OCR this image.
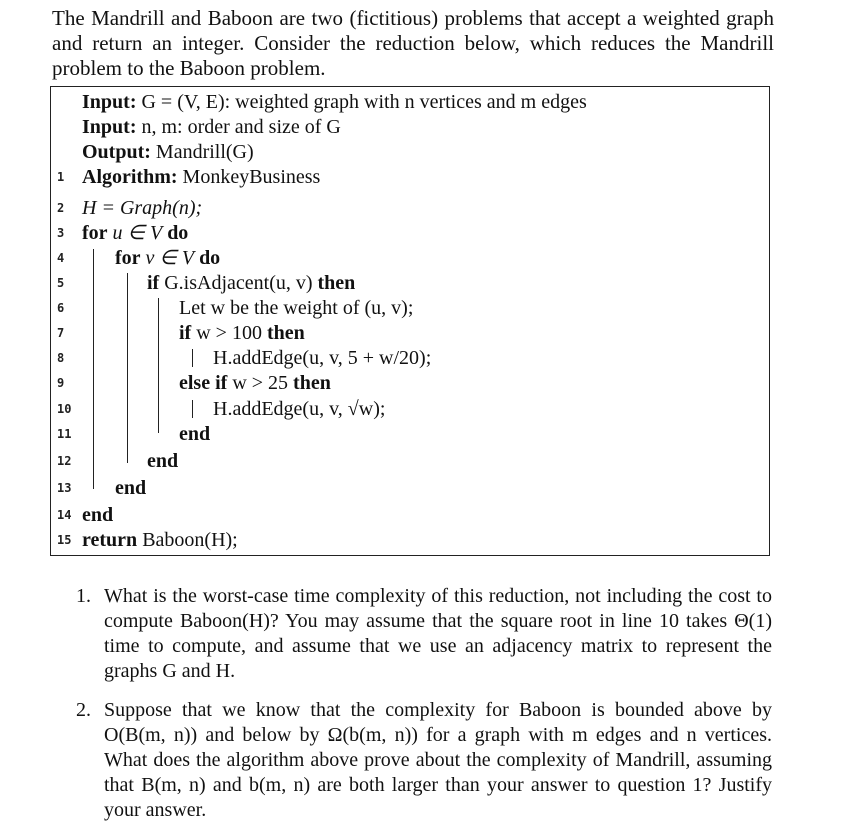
The Mandrill and Baboon are two (fictitious) problems that accept a weighted graph and return an integer. Consider the reduction below, which reduces the Mandrill problem to the Baboon problem.
Input: G = (V, E): weighted graph with n vertices and m edges
Input: n, m: order and size of G
Output: Mandrill(G)
1 Algorithm: MonkeyBusiness
2 H = Graph(n);
3 for u ∈ V do
4	for v ∈ V do
5	if G.isAdjacent(u, v) then
6	Let w be the weight of (u, v);
7	if w > 100 then
8	H.addEdge(u, v, 5 + w/20);
9	else if w > 25 then
10	H.addEdge(u, v, √w);
11	end
12	end
13 end
14 end
15 return Baboon(H);
1. What is the worst-case time complexity of this reduction, not including the cost to compute Baboon(H)? You may assume that the square root in line 10 takes Θ(1) time to compute, and assume that we use an adjacency matrix to represent the graphs G and H.
2. Suppose that we know that the complexity for Baboon is bounded above by O(B(m, n)) and below by Ω(b(m, n)) for a graph with m edges and n vertices. What does the algorithm above prove about the complexity of Mandrill, assuming that B(m, n) and b(m, n) are both larger than your answer to question 1? Justify your answer.
